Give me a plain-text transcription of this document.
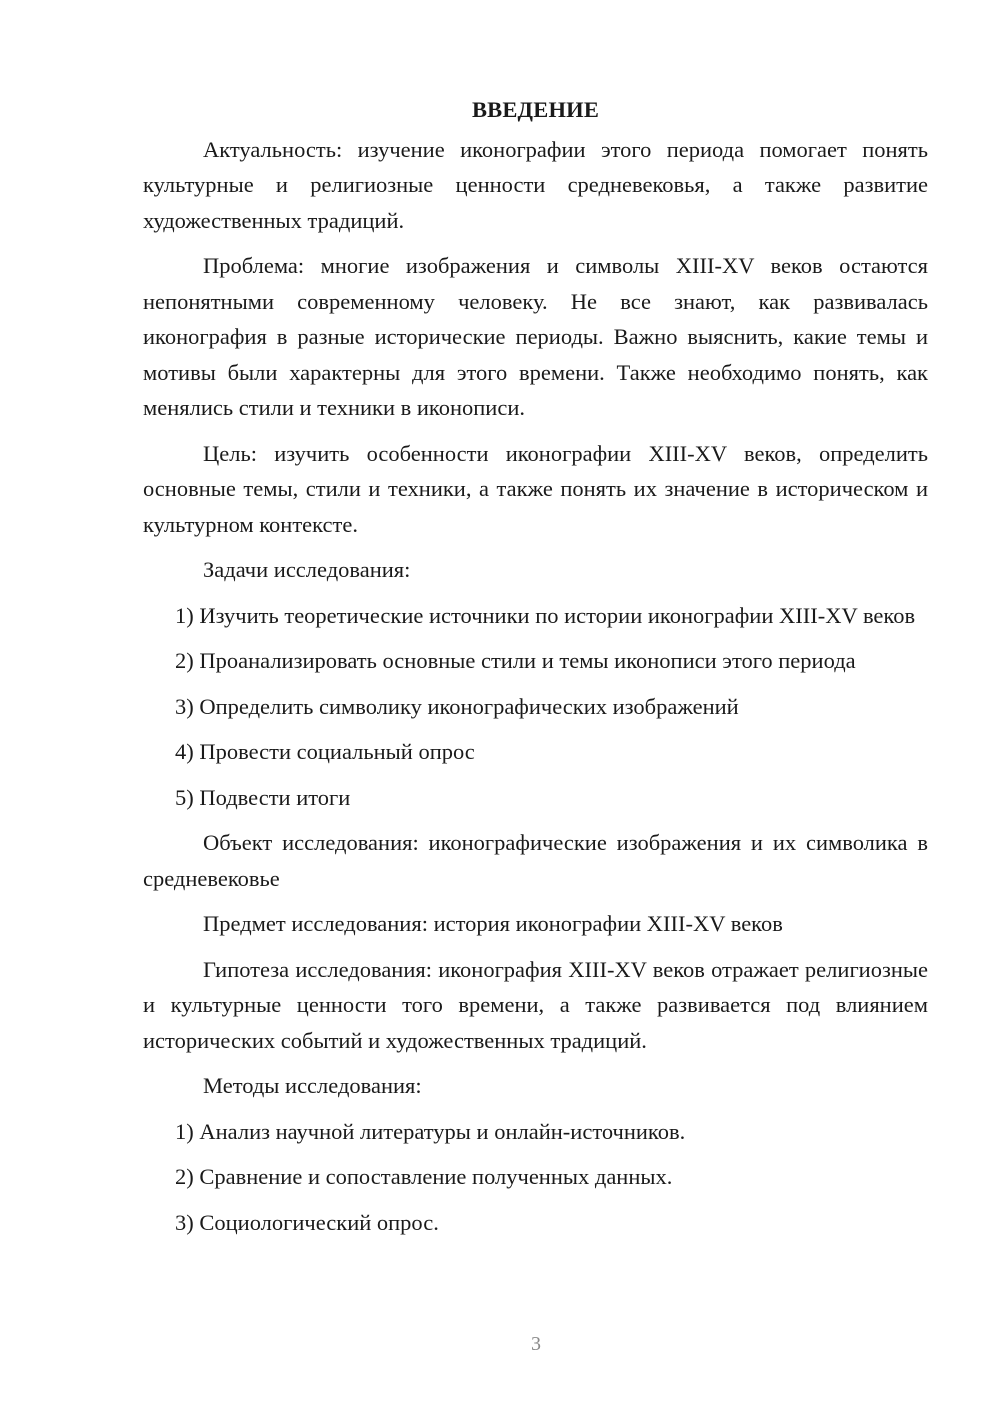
ВВЕДЕНИЕ

Актуальность: изучение иконографии этого периода помогает понять культурные и религиозные ценности средневековья, а также развитие художественных традиций.

Проблема: многие изображения и символы XIII-XV веков остаются непонятными современному человеку. Не все знают, как развивалась иконография в разные исторические периоды. Важно выяснить, какие темы и мотивы были характерны для этого времени. Также необходимо понять, как менялись стили и техники в иконописи.

Цель: изучить особенности иконографии XIII-XV веков, определить основные темы, стили и техники, а также понять их значение в историческом и культурном контексте.

Задачи исследования:

1) Изучить теоретические источники по истории иконографии XIII-XV веков

2) Проанализировать основные стили и темы иконописи этого периода

3) Определить символику иконографических изображений

4) Провести социальный опрос

5) Подвести итоги

Объект исследования: иконографические изображения и их символика в средневековье

Предмет исследования: история иконографии XIII-XV веков

Гипотеза исследования: иконография XIII-XV веков отражает религиозные и культурные ценности того времени, а также развивается под влиянием исторических событий и художественных традиций.

Методы исследования:

1) Анализ научной литературы и онлайн-источников.

2) Сравнение и сопоставление полученных данных.

3) Социологический опрос.

3
